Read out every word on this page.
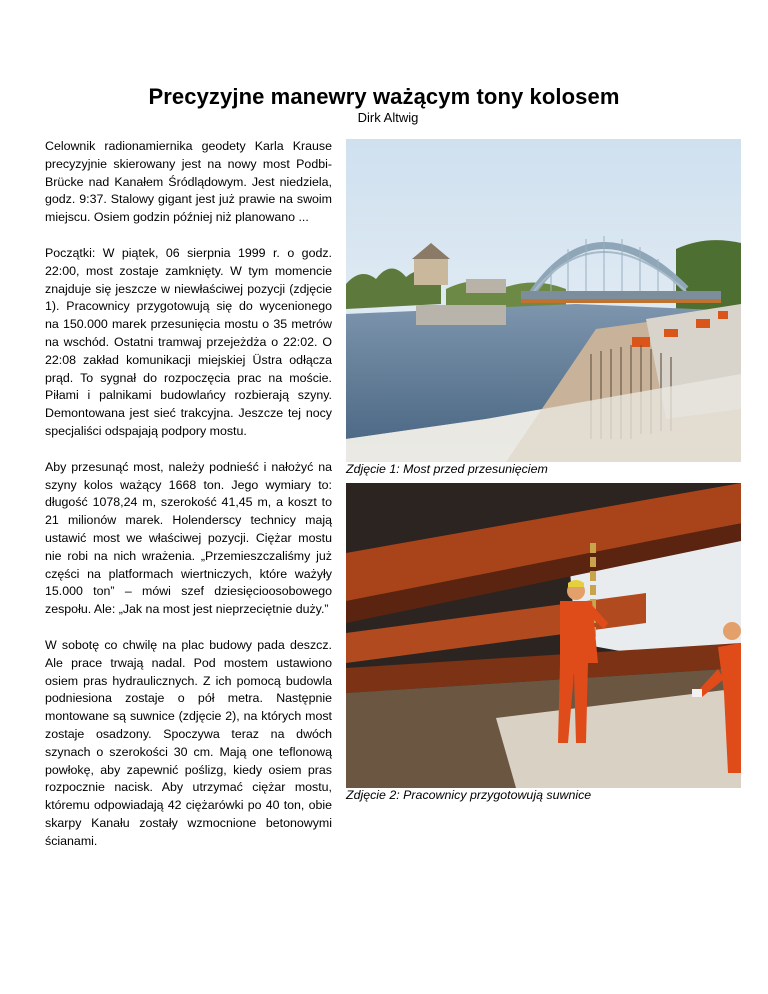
Precyzyjne manewry ważącym tony kolosem
Dirk Altwig

Celownik radionamiernika geodety Karla Krause precyzyjnie skierowany jest na nowy most Podbi-Brücke nad Kanałem Śródlądowym. Jest niedziela, godz. 9:37. Stalowy gigant jest już prawie na swoim miejscu. Osiem godzin później niż planowano ...

Początki: W piątek, 06 sierpnia 1999 r. o godz. 22:00, most zostaje zamknięty. W tym momencie znajduje się jeszcze w niewłaściwej pozycji (zdjęcie 1). Pracownicy przygotowują się do wycenionego na 150.000 marek przesunięcia mostu o 35 metrów na wschód. Ostatni tramwaj przejeżdża o 22:02. O 22:08 zakład komunikacji miejskiej Üstra odłącza prąd. To sygnał do rozpoczęcia prac na moście. Piłami i palnikami budowlańcy rozbierają szyny. Demontowana jest sieć trakcyjna. Jeszcze tej nocy specjaliści odspajają podpory mostu.

Aby przesunąć most, należy podnieść i nałożyć na szyny kolos ważący 1668 ton. Jego wymiary to: długość 1078,24 m, szerokość 41,45 m, a koszt to 21 milionów marek. Holenderscy technicy mają ustawić most we właściwej pozycji. Ciężar mostu nie robi na nich wrażenia. „Przemieszczaliśmy już części na platformach wiertniczych, które ważyły 15.000 ton” – mówi szef dziesięcioosobowego zespołu. Ale: „Jak na most jest nieprzeciętnie duży.”

W sobotę co chwilę na plac budowy pada deszcz. Ale prace trwają nadal. Pod mostem ustawiono osiem pras hydraulicznych. Z ich pomocą budowla podniesiona zostaje o pół metra. Następnie montowane są suwnice (zdjęcie 2), na których most zostaje osadzony. Spoczywa teraz na dwóch szynach o szerokości 30 cm. Mają one teflonową powłokę, aby zapewnić poślizg, kiedy osiem pras rozpocznie nacisk. Aby utrzymać ciężar mostu, któremu odpowiadają 42 ciężarówki po 40 ton, obie skarpy Kanału zostały wzmocnione betonowymi ścianami.

Zdjęcie 1: Most przed przesunięciem
Zdjęcie 2: Pracownicy przygotowują suwnice
